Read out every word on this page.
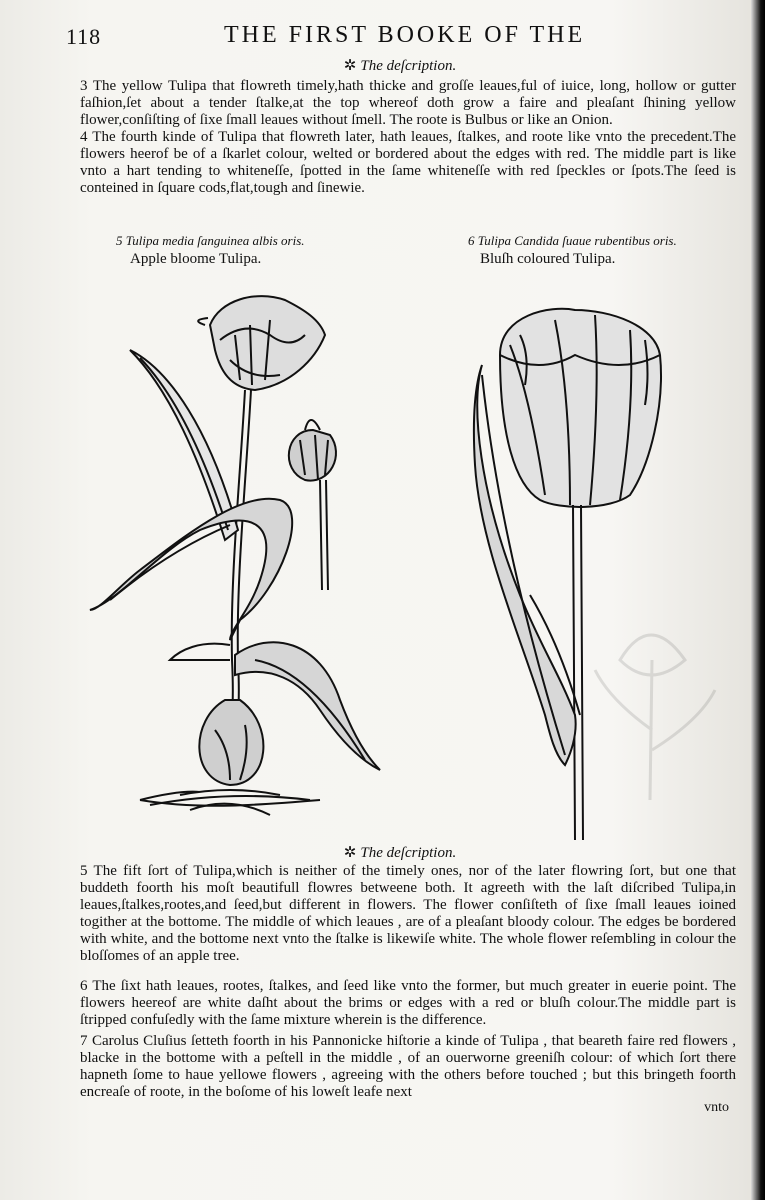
118	THE FIRST BOOKE OF THE
✲ The deſcription.
3 The yellow Tulipa that flowreth timely,hath thicke and groſſe leaues,ful of iuice, long, hollow or gutter faſhion,ſet about a tender ſtalke,at the top whereof doth grow a faire and pleaſant ſhining yellow flower,conſiſting of ſixe ſmall leaues without ſmell. The roote is Bulbus or like an Onion.
4 The fourth kinde of Tulipa that flowreth later, hath leaues, ſtalkes, and roote like vnto the precedent.The flowers heerof be of a ſkarlet colour, welted or bordered about the edges with red. The middle part is like vnto a hart tending to whiteneſſe, ſpotted in the ſame whiteneſſe with red ſpeckles or ſpots.The ſeed is conteined in ſquare cods,flat,tough and ſinewie.
5 Tulipa media ſanguinea albis oris.
Apple bloome Tulipa.
6 Tulipa Candida ſuaue rubentibus oris.
Bluſh coloured Tulipa.
✲ The deſcription.
5 The fift ſort of Tulipa,which is neither of the timely ones, nor of the later flowring ſort, but one that buddeth foorth his moſt beautifull flowres betweene both. It agreeth with the laſt diſcribed Tulipa,in leaues,ſtalkes,rootes,and ſeed,but different in flowers. The flower conſiſteth of ſixe ſmall leaues ioined togither at the bottome. The middle of which leaues , are of a pleaſant bloody colour. The edges be bordered with white, and the bottome next vnto the ſtalke is likewiſe white. The whole flower reſembling in colour the bloſſomes of an apple tree.
6 The ſixt hath leaues, rootes, ſtalkes, and ſeed like vnto the former, but much greater in euerie point. The flowers heereof are white daſht about the brims or edges with a red or bluſh colour.The middle part is ſtripped confuſedly with the ſame mixture wherein is the difference.
7 Carolus Cluſius ſetteth foorth in his Pannonicke hiſtorie a kinde of Tulipa , that beareth faire red flowers , blacke in the bottome with a peſtell in the middle , of an ouerworne greeniſh colour: of which ſort there hapneth ſome to haue yellowe flowers , agreeing with the others before touched ; but this bringeth foorth encreaſe of roote, in the boſome of his loweſt leafe next
vnto
